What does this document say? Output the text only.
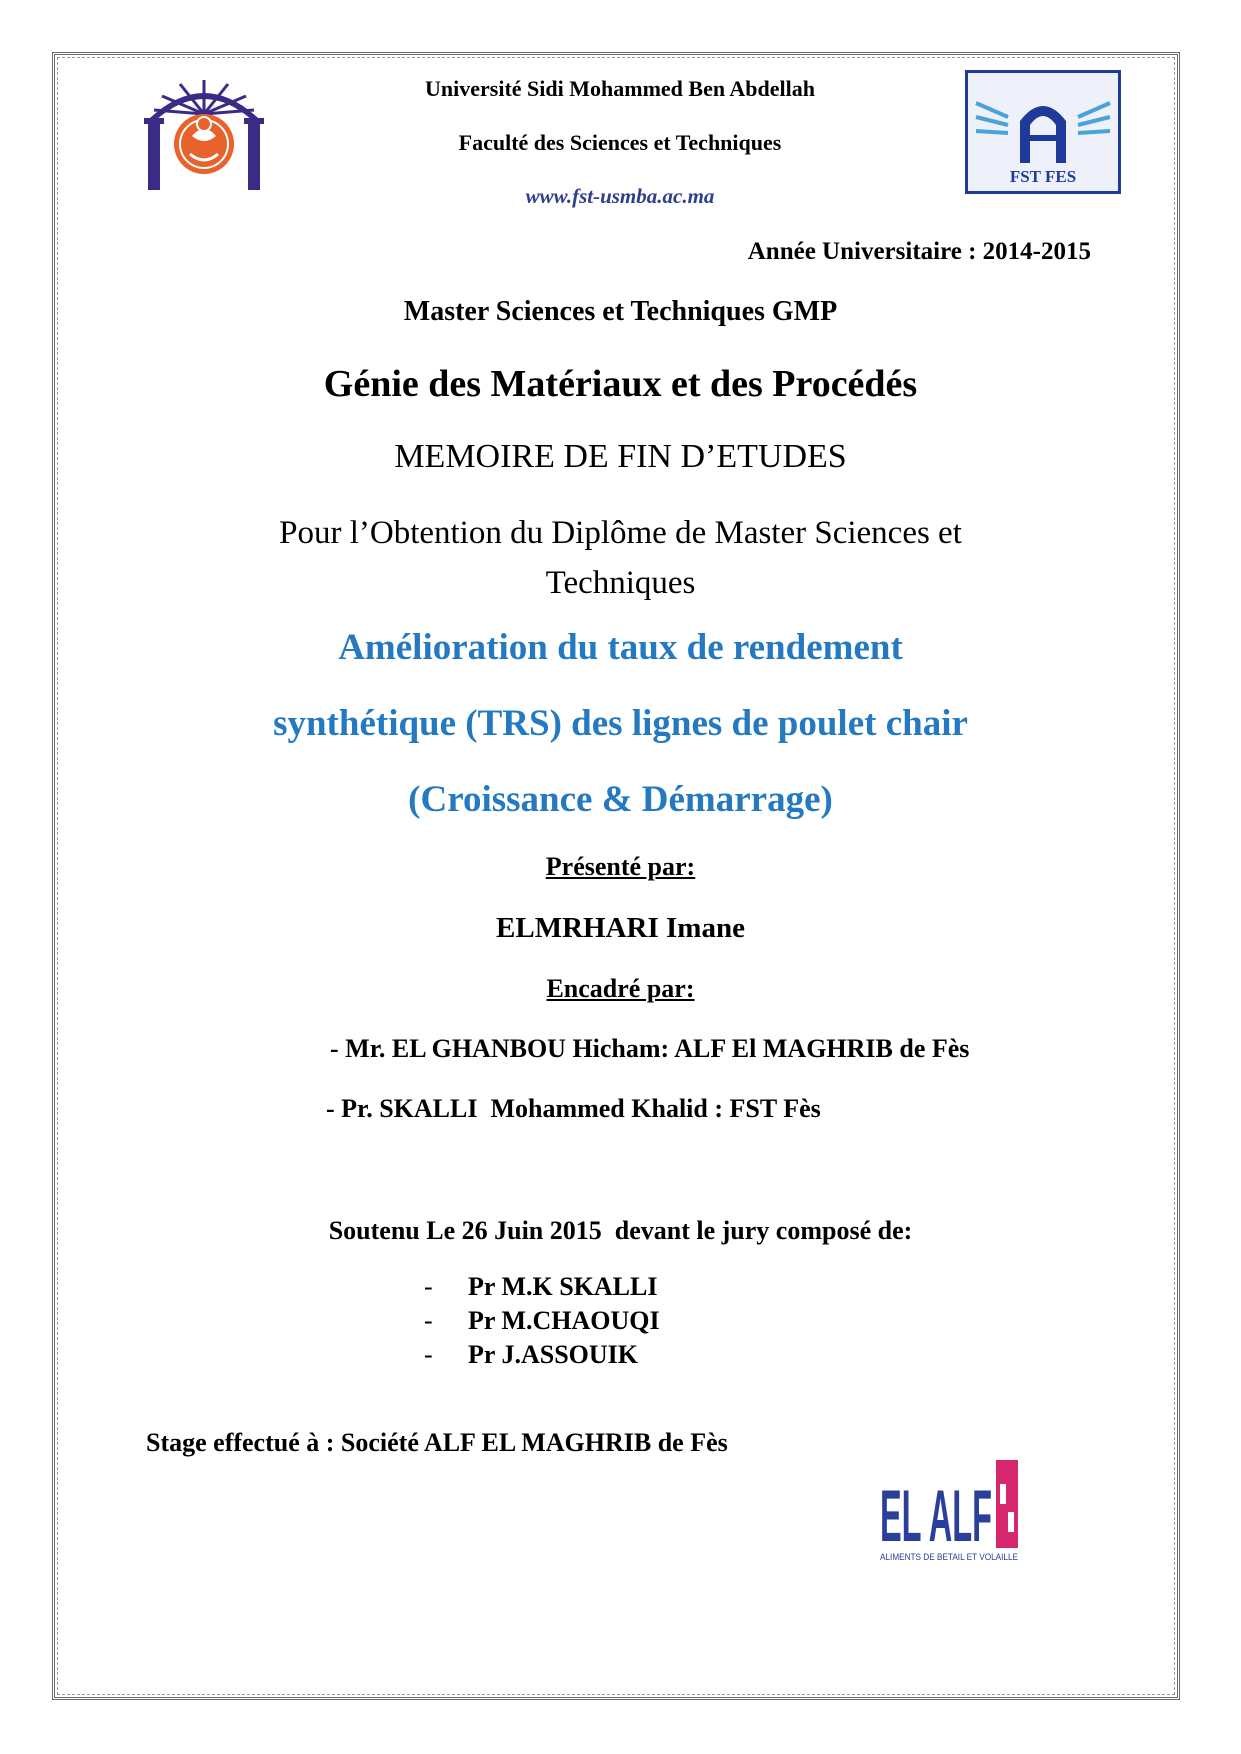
FST FES
Université Sidi Mohammed Ben Abdellah
Faculté des Sciences et Techniques
www.fst-usmba.ac.ma
Année Universitaire : 2014-2015
Master Sciences et Techniques GMP
Génie des Matériaux et des Procédés
MEMOIRE DE FIN D’ETUDES
Pour l’Obtention du Diplôme de Master Sciences et
Techniques
Amélioration du taux de rendement
synthétique (TRS) des lignes de poulet chair
(Croissance & Démarrage)
Présenté par:
ELMRHARI Imane
Encadré par:
- Mr. EL GHANBOU Hicham: ALF El MAGHRIB de Fès
- Pr. SKALLI  Mohammed Khalid : FST Fès
Soutenu Le 26 Juin 2015  devant le jury composé de:
-	Pr M.K SKALLI
-	Pr M.CHAOUQI
-	Pr J.ASSOUIK
Stage effectué à : Société ALF EL MAGHRIB de Fès
EL ALF
ALIMENTS DE BETAIL ET VOLAILLE
